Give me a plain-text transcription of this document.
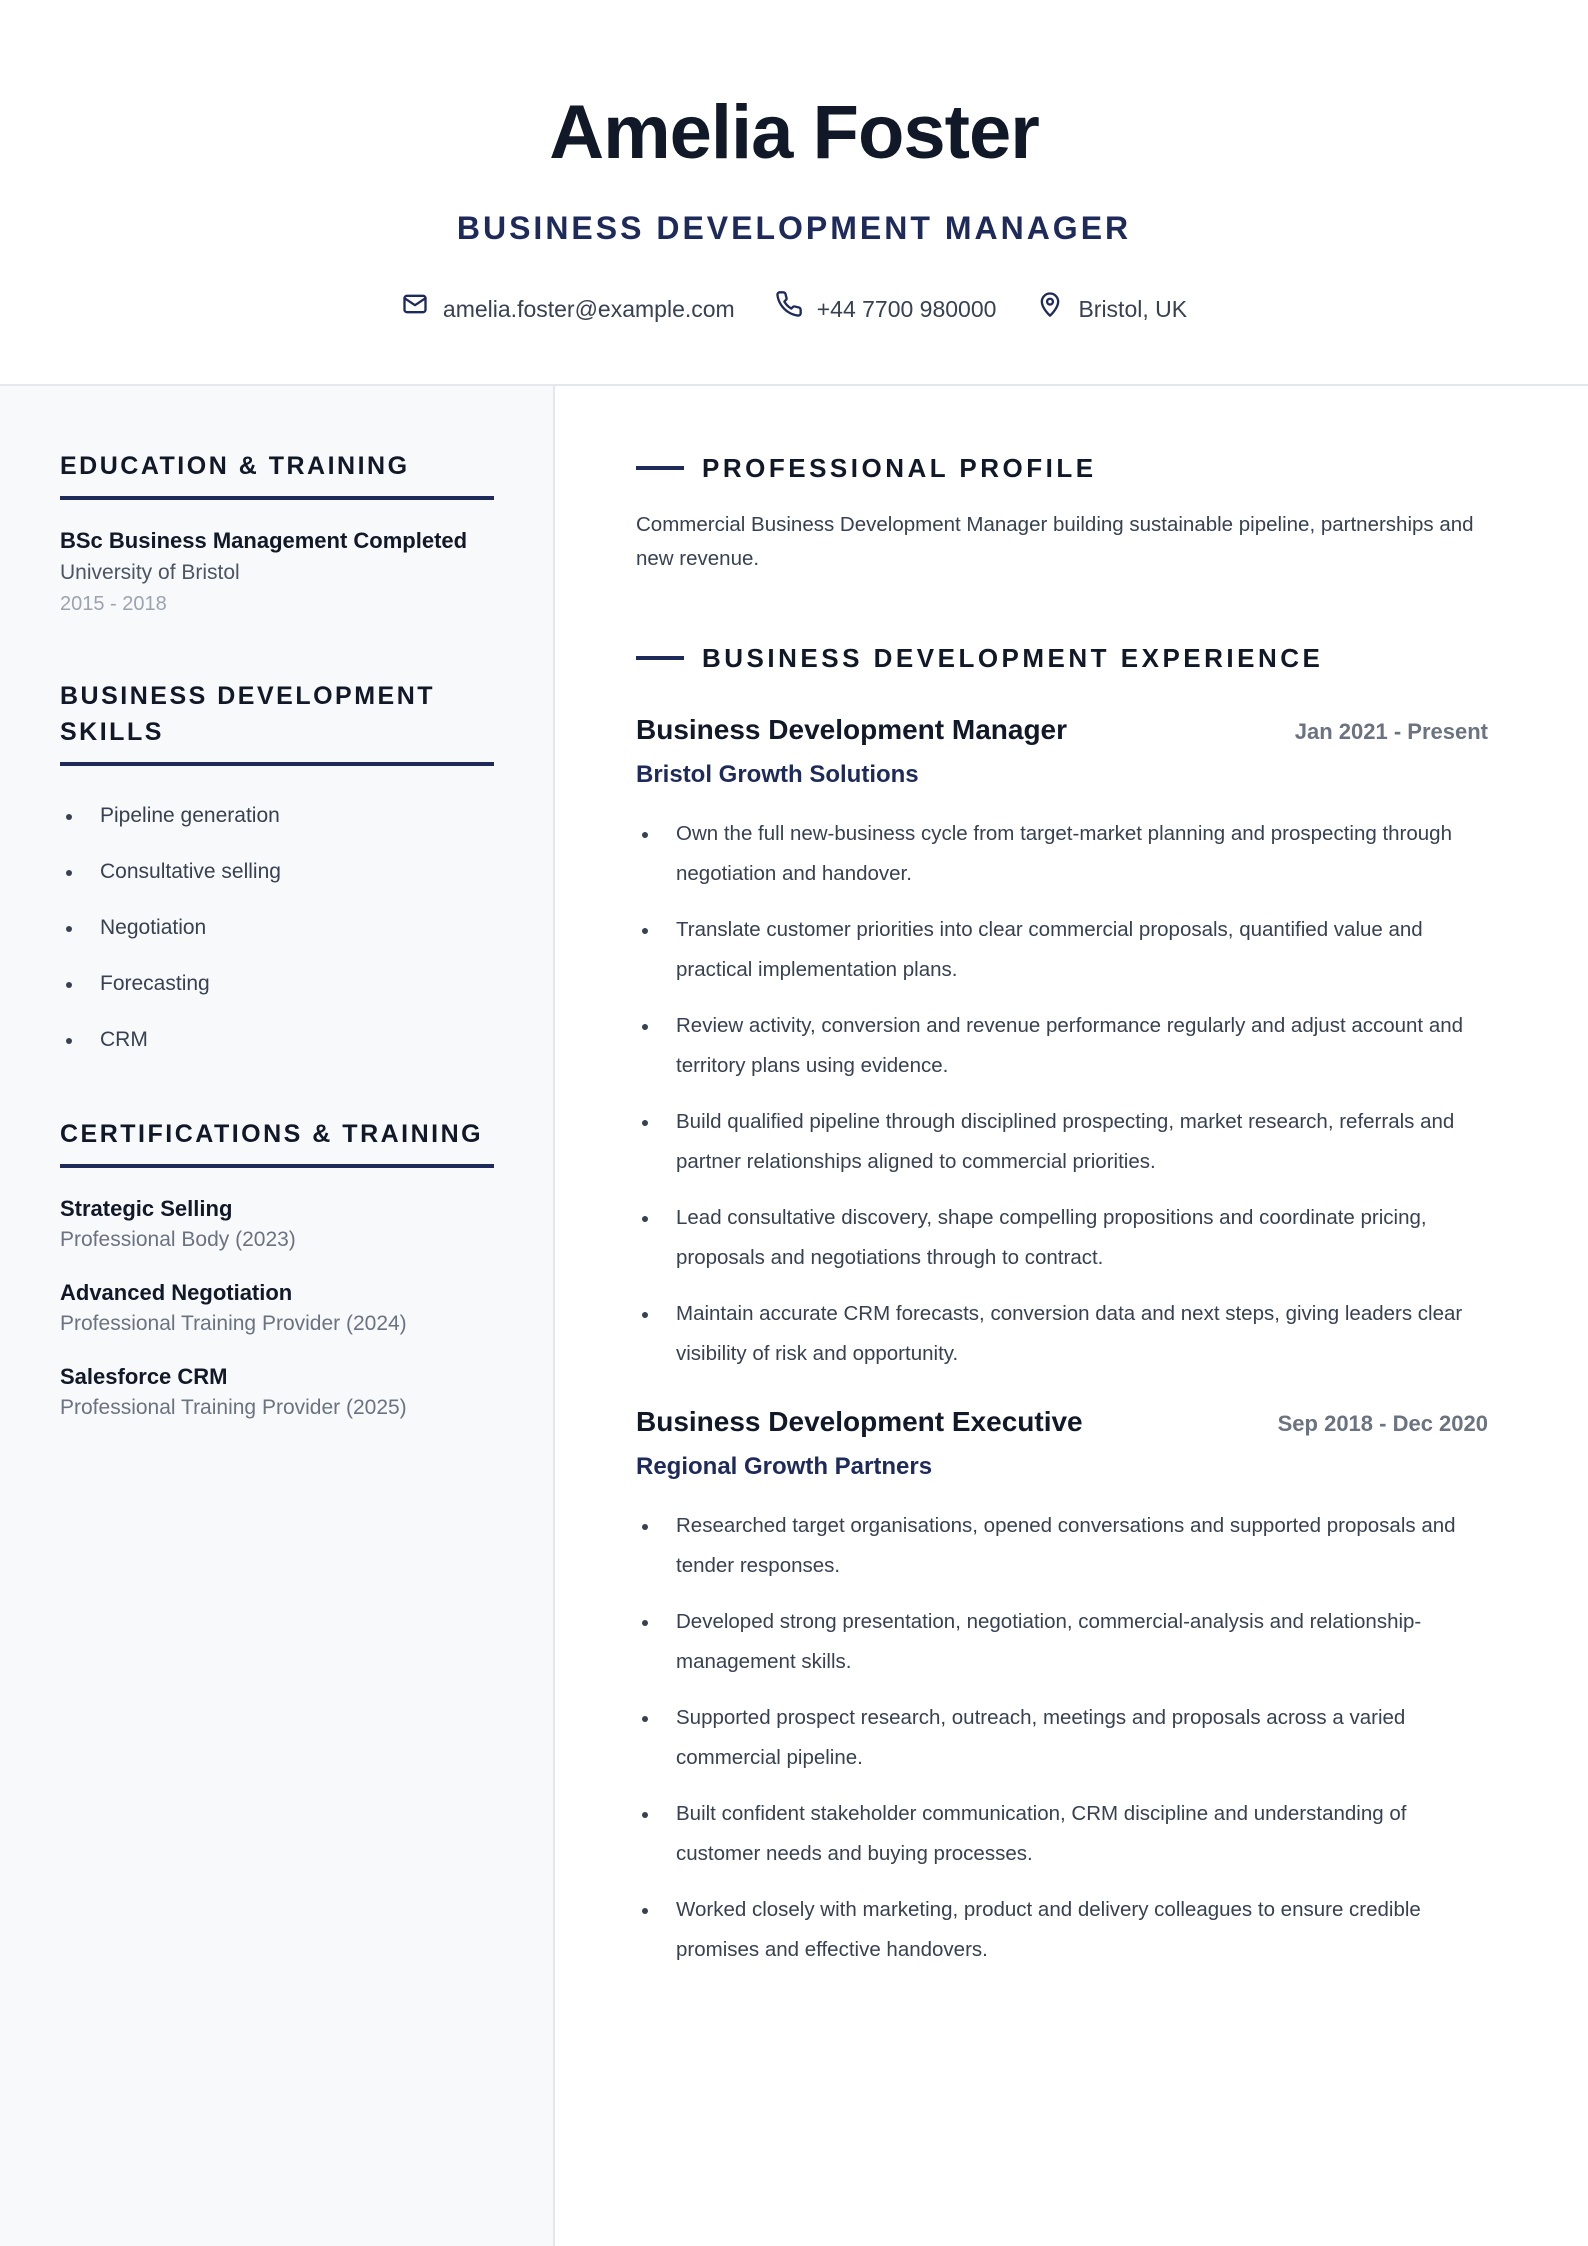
Amelia Foster
BUSINESS DEVELOPMENT MANAGER
amelia.foster@example.com	+44 7700 980000	Bristol, UK
EDUCATION & TRAINING
BSc Business Management Completed
University of Bristol
2015 - 2018
BUSINESS DEVELOPMENT SKILLS
Pipeline generation
Consultative selling
Negotiation
Forecasting
CRM
CERTIFICATIONS & TRAINING
Strategic Selling
Professional Body (2023)
Advanced Negotiation
Professional Training Provider (2024)
Salesforce CRM
Professional Training Provider (2025)
PROFESSIONAL PROFILE
Commercial Business Development Manager building sustainable pipeline, partnerships and new revenue.
BUSINESS DEVELOPMENT EXPERIENCE
Business Development Manager	Jan 2021 - Present
Bristol Growth Solutions
Own the full new-business cycle from target-market planning and prospecting through negotiation and handover.
Translate customer priorities into clear commercial proposals, quantified value and practical implementation plans.
Review activity, conversion and revenue performance regularly and adjust account and territory plans using evidence.
Build qualified pipeline through disciplined prospecting, market research, referrals and partner relationships aligned to commercial priorities.
Lead consultative discovery, shape compelling propositions and coordinate pricing, proposals and negotiations through to contract.
Maintain accurate CRM forecasts, conversion data and next steps, giving leaders clear visibility of risk and opportunity.
Business Development Executive	Sep 2018 - Dec 2020
Regional Growth Partners
Researched target organisations, opened conversations and supported proposals and tender responses.
Developed strong presentation, negotiation, commercial-analysis and relationship-management skills.
Supported prospect research, outreach, meetings and proposals across a varied commercial pipeline.
Built confident stakeholder communication, CRM discipline and understanding of customer needs and buying processes.
Worked closely with marketing, product and delivery colleagues to ensure credible promises and effective handovers.
